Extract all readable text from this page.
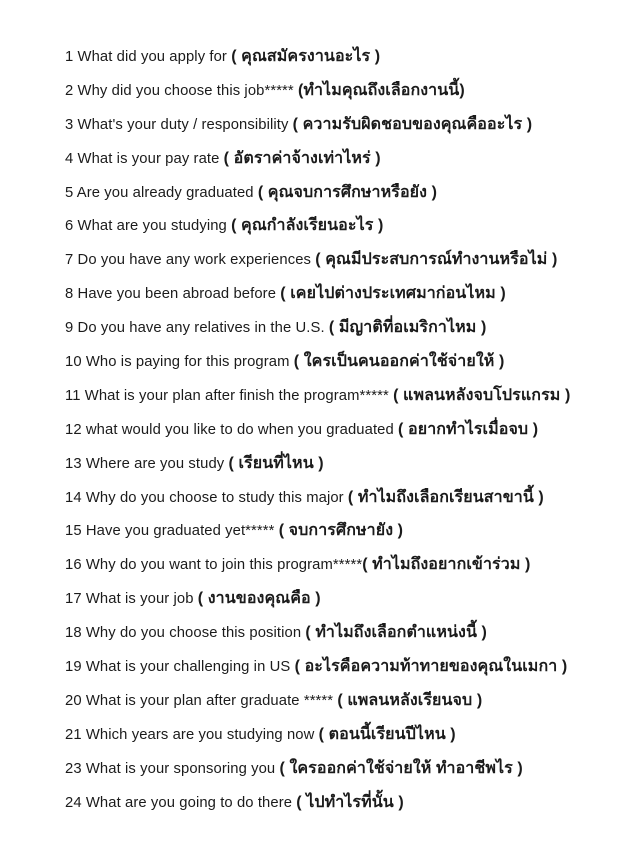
1 What did you apply for ( คุณสมัครงานอะไร )
2 Why did you choose this job***** (ทำไมคุณถึงเลือกงานนี้)
3 What's your duty / responsibility ( ความรับผิดชอบของคุณคืออะไร )
4 What is your pay rate ( อัตราค่าจ้างเท่าไหร่ )
5 Are you already graduated ( คุณจบการศึกษาหรือยัง )
6 What are you studying ( คุณกำลังเรียนอะไร )
7 Do you have any work experiences ( คุณมีประสบการณ์ทำงานหรือไม่ )
8 Have you been abroad before ( เคยไปต่างประเทศมาก่อนไหม )
9 Do you have any relatives in the U.S. ( มีญาติที่อเมริกาไหม )
10 Who is paying for this program ( ใครเป็นคนออกค่าใช้จ่ายให้ )
11 What is your plan after finish the program***** ( แพลนหลังจบโปรแกรม )
12 what would you like to do when you graduated ( อยากทำไรเมื่อจบ )
13 Where are you study ( เรียนที่ไหน )
14 Why do you choose to study this major ( ทำไมถึงเลือกเรียนสาขานี้ )
15 Have you graduated yet***** ( จบการศึกษายัง )
16 Why do you want to join this program***** ( ทำไมถึงอยากเข้าร่วม )
17 What is your job ( งานของคุณคือ )
18 Why do you choose this position ( ทำไมถึงเลือกตำแหน่งนี้ )
19 What is your challenging in US ( อะไรคือความท้าทายของคุณในเมกา )
20 What is your plan after graduate ***** ( แพลนหลังเรียนจบ )
21 Which years are you studying now ( ตอนนี้เรียนปีไหน )
23 What is your sponsoring you ( ใครออกค่าใช้จ่ายให้ ทำอาชีพไร )
24 What are you going to do there ( ไปทำไรที่นั้น )
